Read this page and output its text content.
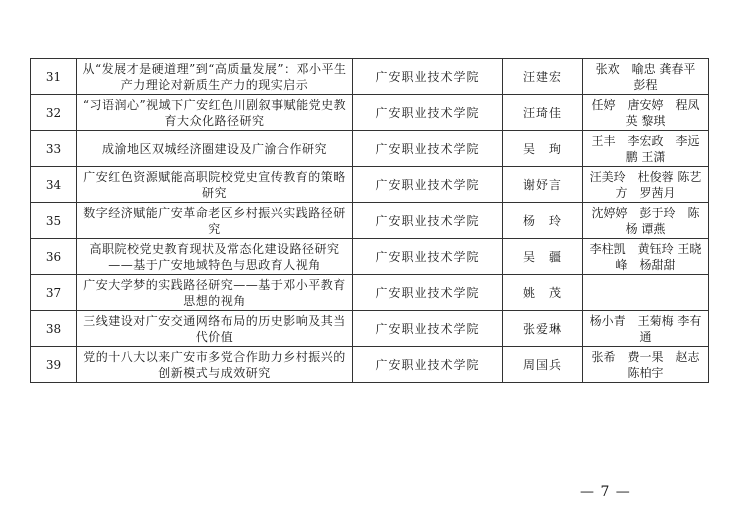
31	从“发展才是硬道理”到“高质量发展”：邓小平生产力理论对新质生产力的现实启示	广安职业技术学院	汪建宏	张欢　喻忠 龚春平　彭程
32	“习语润心”视域下广安红色川剧叙事赋能党史教育大众化路径研究	广安职业技术学院	汪琦佳	任婷　唐安婷　程凤英 黎琪
33	成渝地区双城经济圈建设及广渝合作研究	广安职业技术学院	吴　珣	王丰　李宏政　李远鹏 王潇
34	广安红色资源赋能高职院校党史宣传教育的策略研究	广安职业技术学院	谢妤言	汪美玲　杜俊蓉 陈艺方　罗茜月
35	数字经济赋能广安革命老区乡村振兴实践路径研究	广安职业技术学院	杨　玲	沈婷婷　彭于玲　陈杨 谭燕
36	高职院校党史教育现状及常态化建设路径研究——基于广安地域特色与思政育人视角	广安职业技术学院	吴　疆	李柱凯　黄钰玲 王晓峰　杨甜甜
37	广安大学梦的实践路径研究——基于邓小平教育思想的视角	广安职业技术学院	姚　茂	
38	三线建设对广安交通网络布局的历史影响及其当代价值	广安职业技术学院	张爱琳	杨小青　王菊梅 李有通
39	党的十八大以来广安市多党合作助力乡村振兴的创新模式与成效研究	广安职业技术学院	周国兵	张希　费一果　赵志 陈柏宇
— 7 —
